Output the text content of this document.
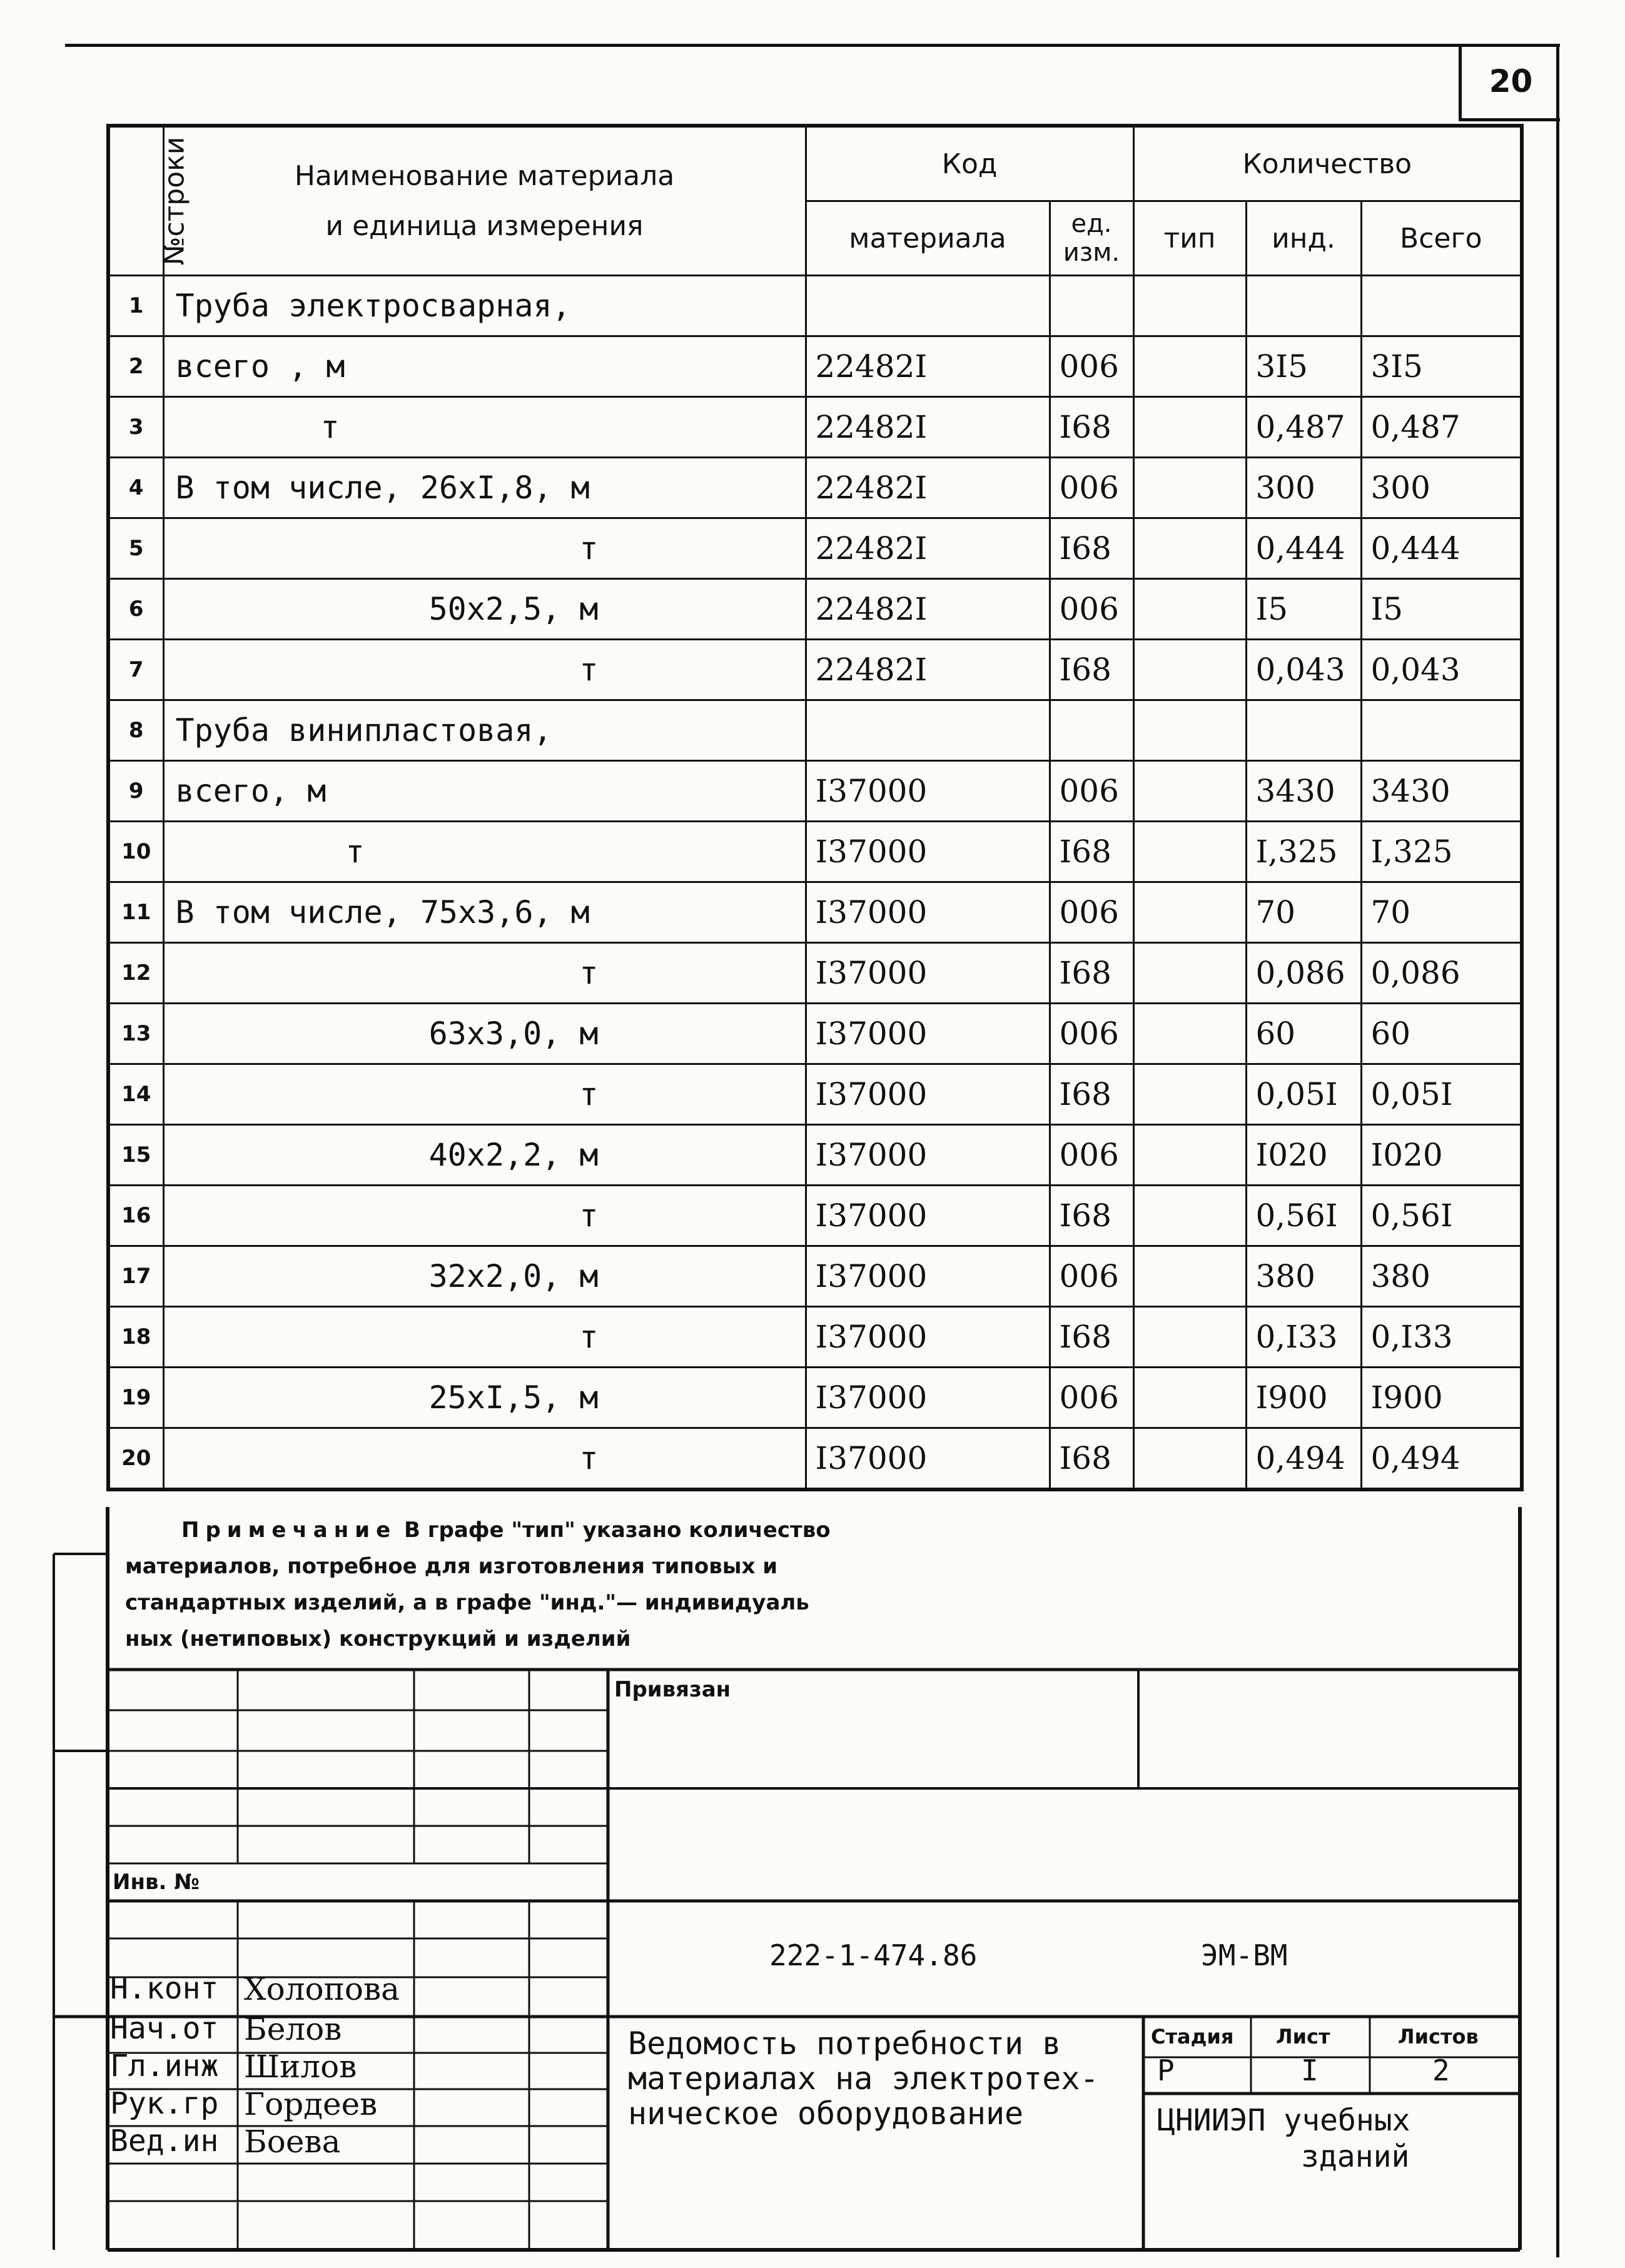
20
№строки	Наименование материала
и единица измерения	Код		Количество		
		материала	ед. изм.	тип	инд.	Всего
1	Труба электросварная,					
2	всего , м	22482I	006		3I5	3I5
3	т	22482I	I68		0,487	0,487
4	В том числе, 26хI,8, м	22482I	006		300	300
5	т	22482I	I68		0,444	0,444
6	50х2,5, м	22482I	006		I5	I5
7	т	22482I	I68		0,043	0,043
8	Труба винипластовая,					
9	всего, м	I37000	006		3430	3430
10	т	I37000	I68		I,325	I,325
11	В том числе, 75х3,6, м	I37000	006		70	70
12	т	I37000	I68		0,086	0,086
13	63х3,0, м	I37000	006		60	60
14	т	I37000	I68		0,05I	0,05I
15	40х2,2, м	I37000	006		I020	I020
16	т	I37000	I68		0,56I	0,56I
17	32х2,0, м	I37000	006		380	380
18	т	I37000	I68		0,I33	0,I33
19	25хI,5, м	I37000	006		I900	I900
20	т	I37000	I68		0,494	0,494
Примечание В графе "тип" указано количество
материалов, потребное для изготовления типовых и
стандартных изделий, а в графе "инд."— индивидуаль
ных (нетиповых) конструкций и изделий
Привязан
Инв. №
222-1-474.86	ЭМ-ВМ
Н.конт Холопова
Нач.от Белов
Гл.инж Шилов
Рук.гр Гордеев
Вед.ин Боева
Ведомость потребности в
материалах на электротех-
ническое оборудование
Стадия Лист	Листов
Р	I	2
ЦНИИЭП учебных
зданий
